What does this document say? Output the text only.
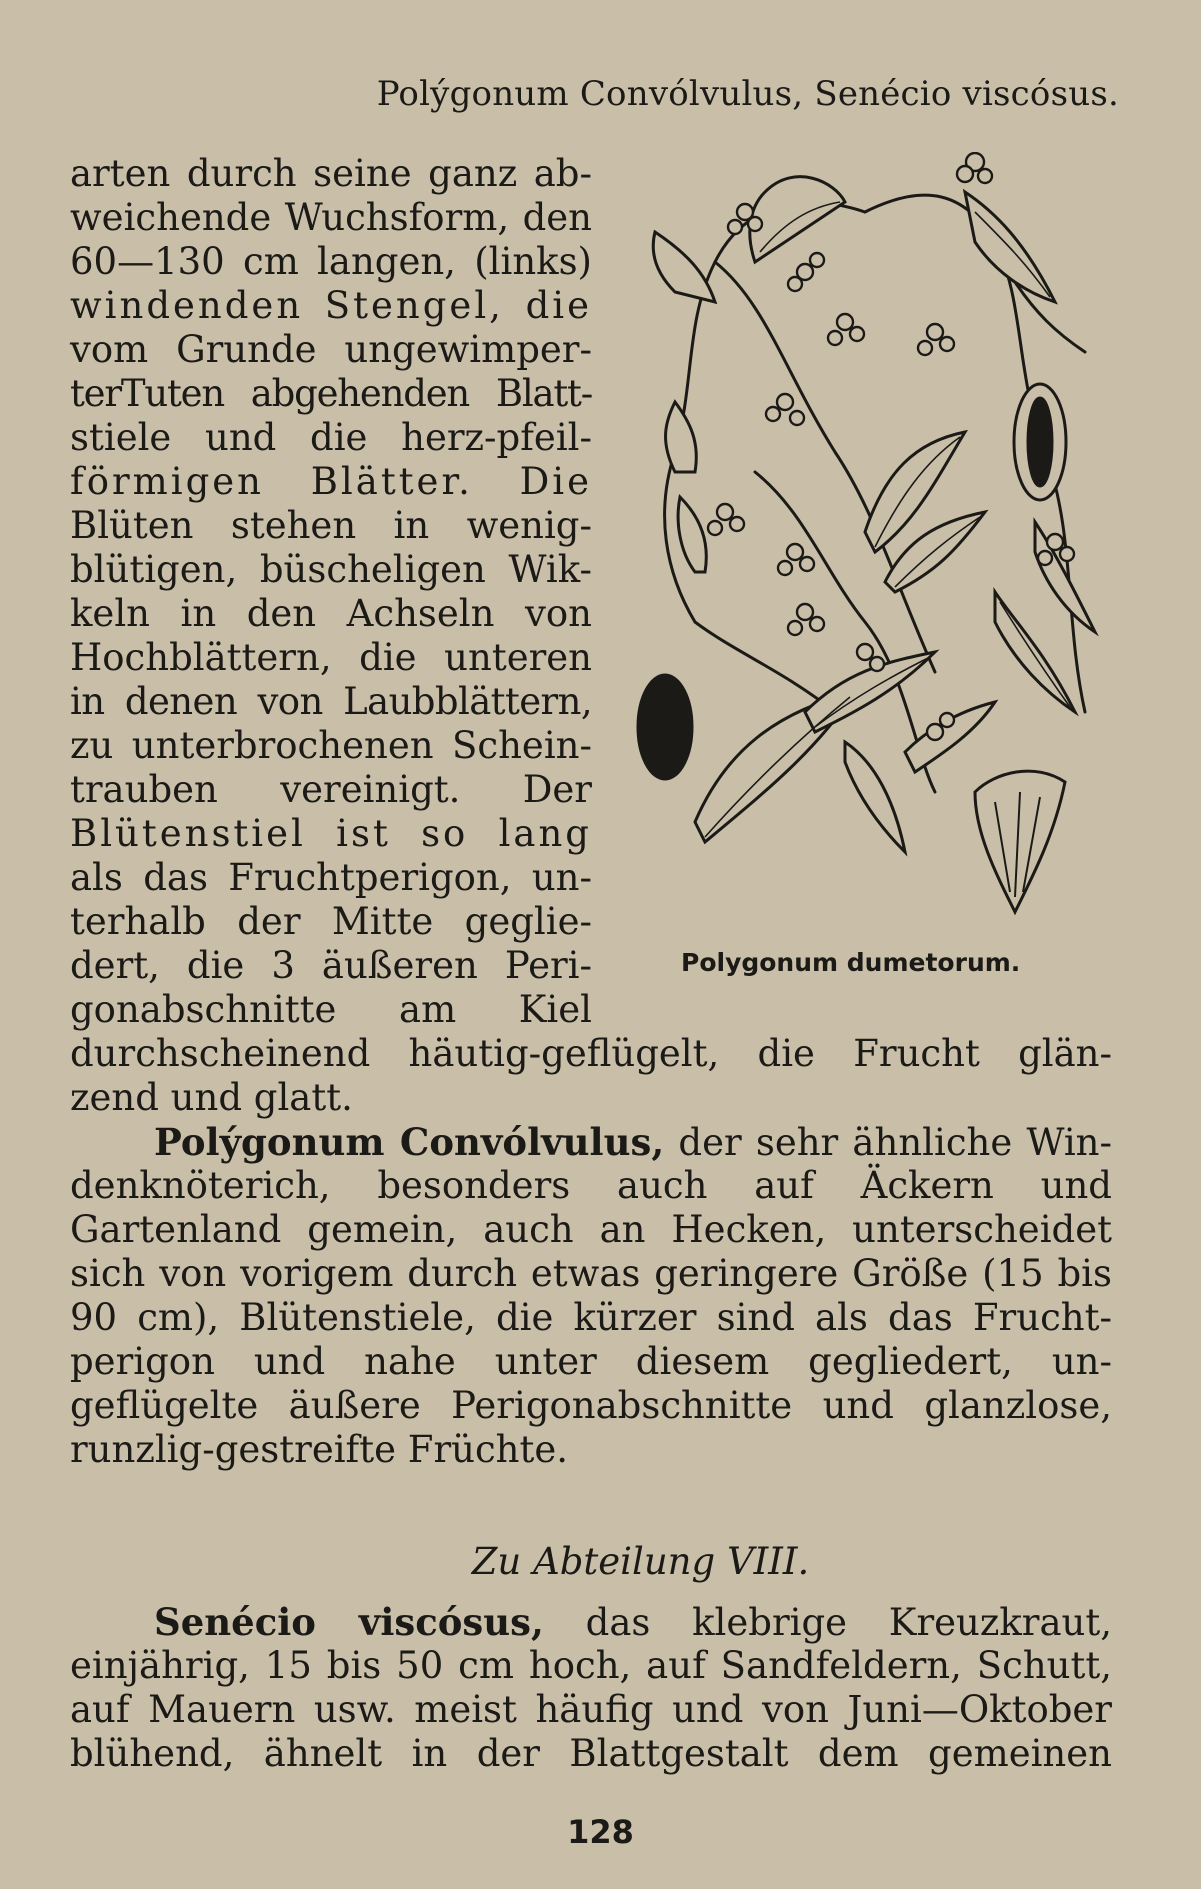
Polýgonum Convólvulus, Senécio viscósus.
arten durch seine ganz ab-
weichende Wuchsform, den
60—130 cm langen, (links)
windenden Stengel, die
vom Grunde ungewimper-
terTuten abgehenden Blatt-
stiele und die herz-pfeil-
förmigen Blätter. Die
Blüten stehen in wenig-
blütigen, büscheligen Wik-
keln in den Achseln von
Hochblättern, die unteren
in denen von Laubblättern,
zu unterbrochenen Schein-
trauben vereinigt. Der
Blütenstiel ist so lang
als das Fruchtperigon, un-
terhalb der Mitte geglie-
dert, die 3 äußeren Peri-
gonabschnitte am Kiel
durchscheinend häutig-geflügelt, die Frucht glän-
zend und glatt.
Polygonum dumetorum.
Polýgonum Convólvulus, der sehr ähnliche Win-
denknöterich, besonders auch auf Äckern und
Gartenland gemein, auch an Hecken, unterscheidet
sich von vorigem durch etwas geringere Größe (15 bis
90 cm), Blütenstiele, die kürzer sind als das Frucht-
perigon und nahe unter diesem gegliedert, un-
geflügelte äußere Perigonabschnitte und glanzlose,
runzlig-gestreifte Früchte.
Zu Abteilung VIII.
Senécio viscósus, das klebrige Kreuzkraut,
einjährig, 15 bis 50 cm hoch, auf Sandfeldern, Schutt,
auf Mauern usw. meist häufig und von Juni—Oktober
blühend, ähnelt in der Blattgestalt dem gemeinen
128
